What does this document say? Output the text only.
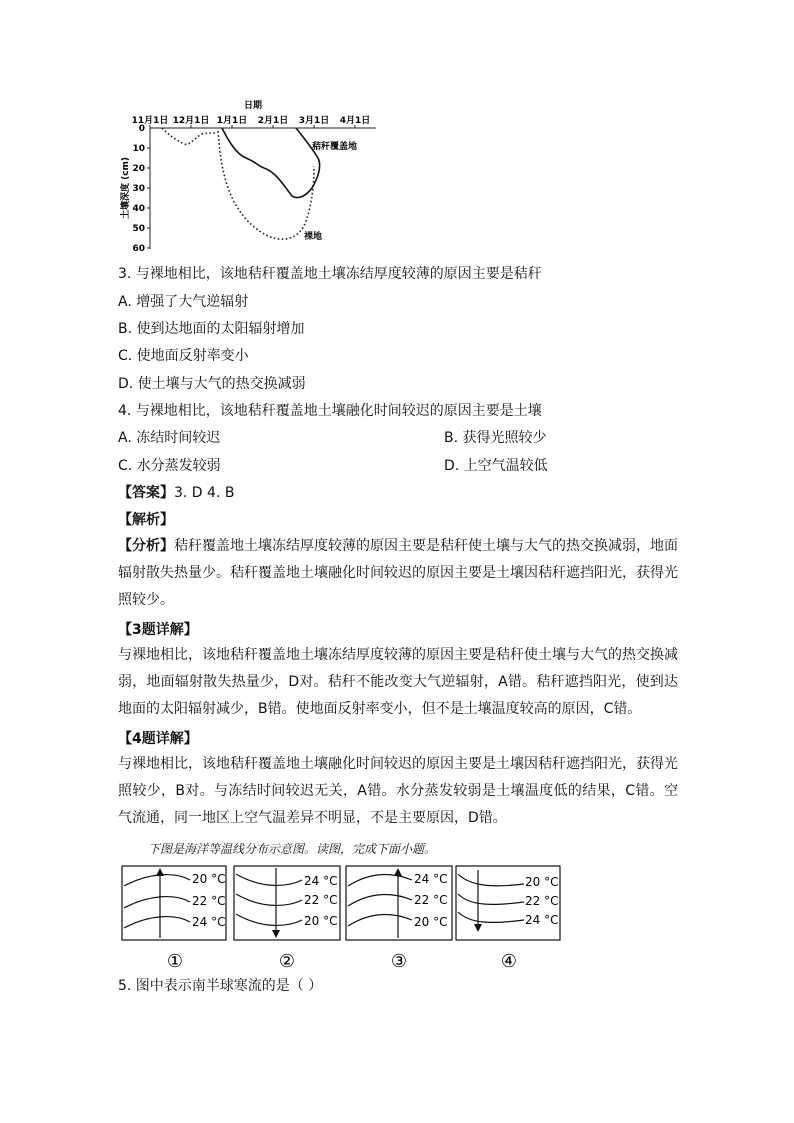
日期
11月1日 12月1日 1月1日 2月1日 3月1日 4月1日
0
10
20
30
40
50
60
土壤深度 (cm)
秸秆覆盖地
裸地
3. 与裸地相比，该地秸秆覆盖地土壤冻结厚度较薄的原因主要是秸秆
A. 增强了大气逆辐射
B. 使到达地面的太阳辐射增加
C. 使地面反射率变小
D. 使土壤与大气的热交换减弱
4. 与裸地相比，该地秸秆覆盖地土壤融化时间较迟的原因主要是土壤
A. 冻结时间较迟	B. 获得光照较少
C. 水分蒸发较弱	D. 上空气温较低
【答案】3. D 4. B
【解析】
【分析】秸秆覆盖地土壤冻结厚度较薄的原因主要是秸秆使土壤与大气的热交换减弱，地面辐射散失热量少。秸秆覆盖地土壤融化时间较迟的原因主要是土壤因秸秆遮挡阳光，获得光照较少。
【3题详解】
与裸地相比，该地秸秆覆盖地土壤冻结厚度较薄的原因主要是秸秆使土壤与大气的热交换减弱，地面辐射散失热量少，D对。秸秆不能改变大气逆辐射，A错。秸秆遮挡阳光，使到达地面的太阳辐射减少，B错。使地面反射率变小，但不是土壤温度较高的原因，C错。
【4题详解】
与裸地相比，该地秸秆覆盖地土壤融化时间较迟的原因主要是土壤因秸秆遮挡阳光，获得光照较少，B对。与冻结时间较迟无关，A错。水分蒸发较弱是土壤温度低的结果，C错。空气流通，同一地区上空气温差异不明显，不是主要原因，D错。
下图是海洋等温线分布示意图。读图，完成下面小题。
20 °C
22 °C
24 °C
24 °C
22 °C
20 °C
24 °C
22 °C
20 °C
20 °C
22 °C
24 °C
①	②	③	④
5. 图中表示南半球寒流的是（ ）
